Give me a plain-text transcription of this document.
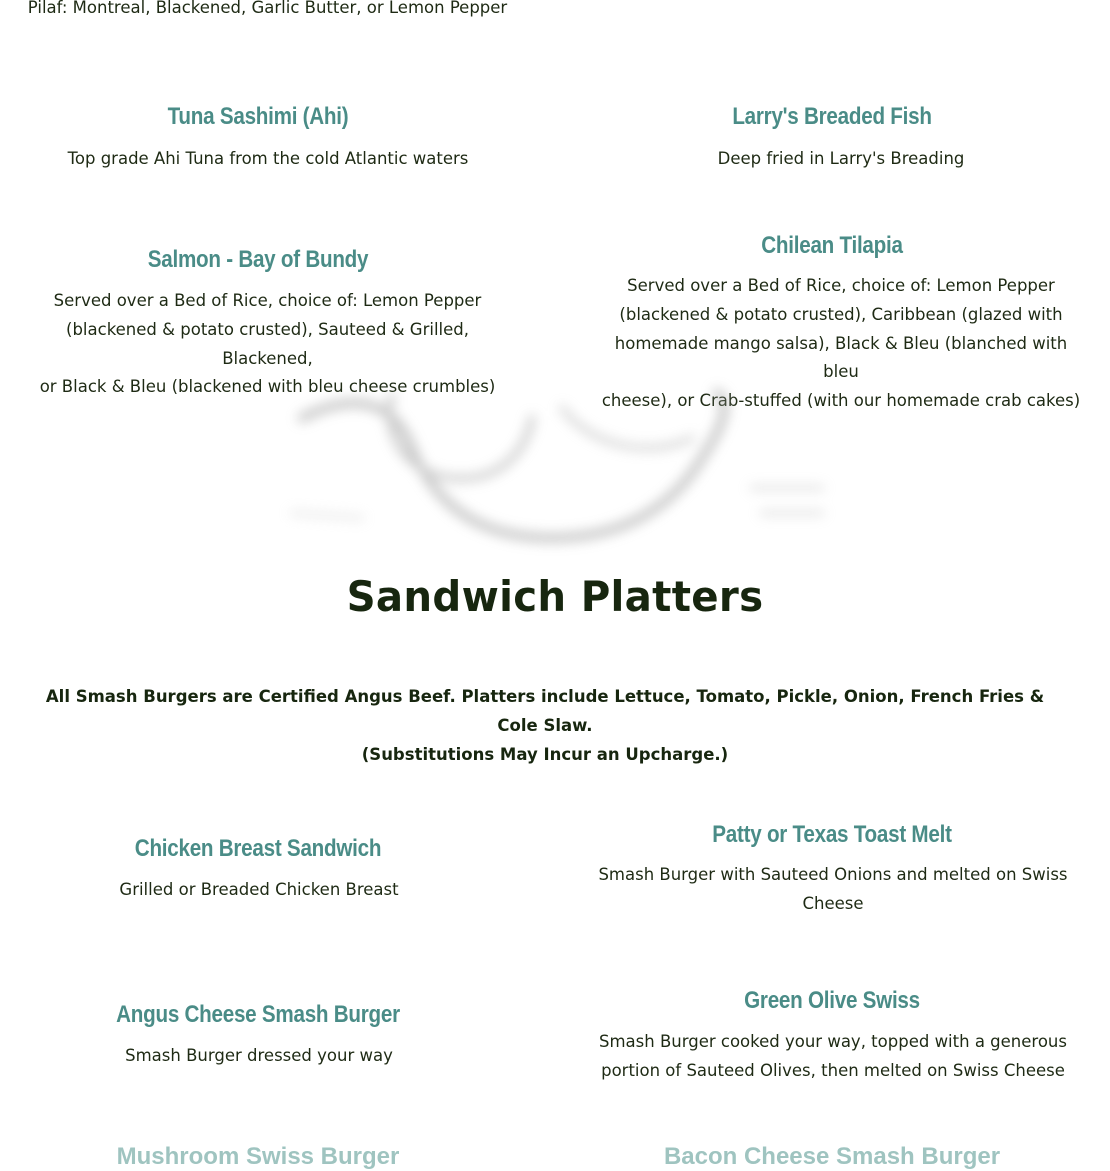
Pilaf: Montreal, Blackened, Garlic Butter, or Lemon Pepper
Tuna Sashimi (Ahi)
Top grade Ahi Tuna from the cold Atlantic waters
Larry's Breaded Fish
Deep fried in Larry's Breading
Salmon - Bay of Bundy
Served over a Bed of Rice, choice of: Lemon Pepper
(blackened & potato crusted), Sauteed & Grilled, Blackened,
or Black & Bleu (blackened with bleu cheese crumbles)
Chilean Tilapia
Served over a Bed of Rice, choice of: Lemon Pepper
(blackened & potato crusted), Caribbean (glazed with
homemade mango salsa), Black & Bleu (blanched with bleu
cheese), or Crab-stuffed (with our homemade crab cakes)
Sandwich Platters
All Smash Burgers are Certified Angus Beef. Platters include Lettuce, Tomato, Pickle, Onion, French Fries & Cole Slaw.
(Substitutions May Incur an Upcharge.)
Chicken Breast Sandwich
Grilled or Breaded Chicken Breast
Patty or Texas Toast Melt
Smash Burger with Sauteed Onions and melted on Swiss
Cheese
Angus Cheese Smash Burger
Smash Burger dressed your way
Green Olive Swiss
Smash Burger cooked your way, topped with a generous
portion of Sauteed Olives, then melted on Swiss Cheese
Mushroom Swiss Burger	Bacon Cheese Smash Burger
